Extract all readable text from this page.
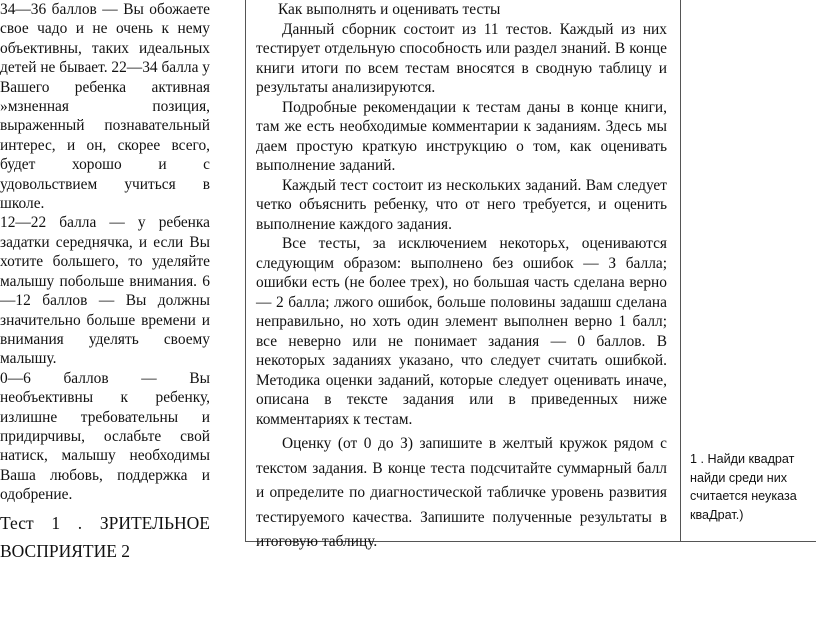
34—36 баллов — Вы обожаете свое чадо и не очень к нему объективны, таких идеальных детей не бывает. 22—34 балла у Вашего ребенка активная »мзненная позиция, выраженный познавательный интерес, и он, скорее всего, будет хорошо и с удовольствием учиться в школе.

12—22 балла — у ребенка задатки середнячка, и если Вы хотите большего, то уделяйте малышу побольше внимания. 6—12 баллов — Вы должны значительно больше времени и внимания уделять своему малышу.

0—6 баллов — Вы необъективны к ребенку, излишне требовательны и придирчивы, ослабьте свой натиск, малышу необходимы Ваша любовь, поддержка и одобрение.

Тест 1 . ЗРИТЕЛЬНОЕ ВОСПРИЯТИЕ 2

Как выполнять и оценивать тесты

Данный сборник состоит из 11 тестов. Каждый из них тестирует отдельную способность или раздел знаний. В конце книги итоги по всем тестам вносятся в сводную таблицу и результаты анализируются.

Подробные рекомендации к тестам даны в конце книги, там же есть необходимые комментарии к заданиям. Здесь мы даем простую краткую инструкцию о том, как оценивать выполнение заданий.

Каждый тест состоит из нескольких заданий. Вам следует четко объяснить ребенку, что от него требуется, и оценить выполнение каждого задания.

Все тесты, за исключением некоторьх, оцениваются следующим образом: выполнено без ошибок — З балла; ошибки есть (не более трех), но большая часть сделана верно — 2 балла; лжого ошибок, больше половины задашш сделана неправильно, но хоть один элемент выполнен верно 1 балл; все неверно или не понимает задания — 0 баллов. В некоторых заданиях указано, что следует считать ошибкой. Методика оценки заданий, которые следует оценивать иначе, описана в тексте задания или в приведенных ниже комментариях к тестам.

Оценку (от 0 до З) запишите в желтый кружок рядом с текстом задания. В конце теста подсчитайте суммарный балл и определите по диагностической табличке уровень развития тестируемого качества. Запишите полученные результаты в итоговую таблицу.

1 . Найди квадрат
найди среди них
считается неуказа
кваДрат.)
